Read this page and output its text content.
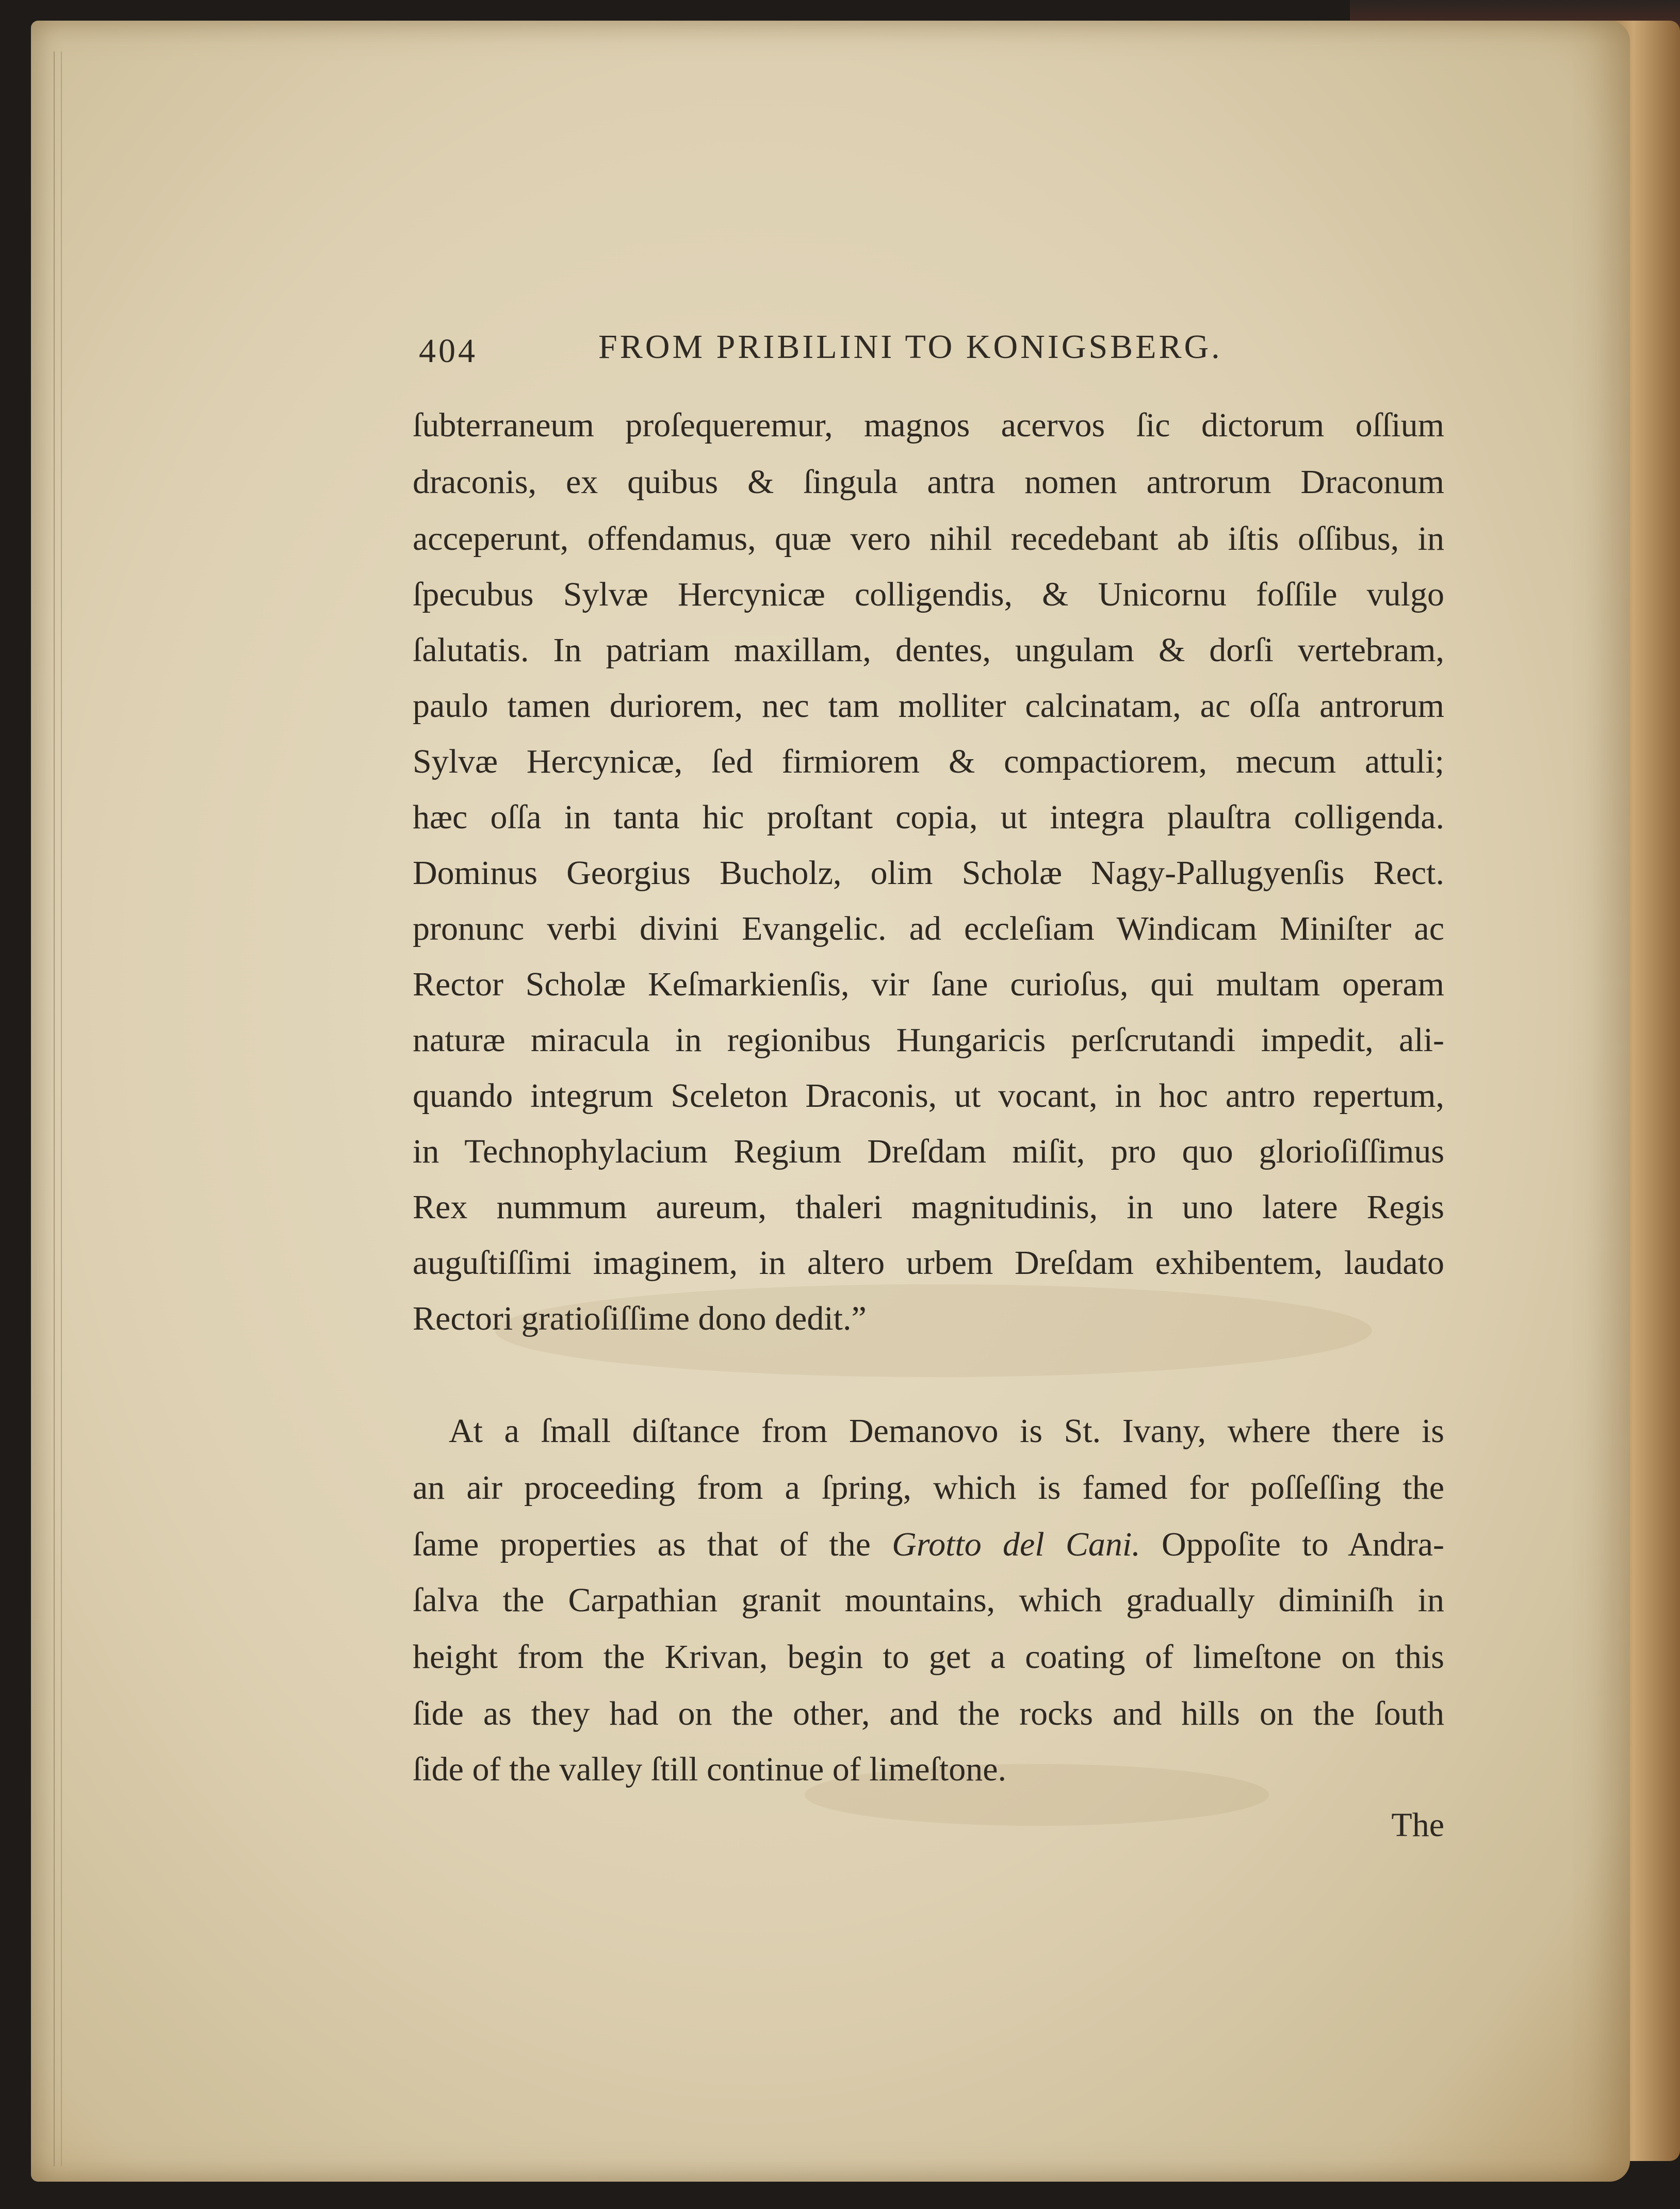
404	FROM PRIBILINI TO KONIGSBERG.
ſubterraneum proſequeremur, magnos acervos ſic dictorum oſſium
draconis, ex quibus & ſingula antra nomen antrorum Draconum
acceperunt, offendamus, quæ vero nihil recedebant ab iſtis oſſibus, in
ſpecubus Sylvæ Hercynicæ colligendis, & Unicornu foſſile vulgo
ſalutatis. In patriam maxillam, dentes, ungulam & dorſi vertebram,
paulo tamen duriorem, nec tam molliter calcinatam, ac oſſa antrorum
Sylvæ Hercynicæ, ſed firmiorem & compactiorem, mecum attuli;
hæc oſſa in tanta hic proſtant copia, ut integra plauſtra colligenda.
Dominus Georgius Bucholz, olim Scholæ Nagy-Pallugyenſis Rect.
pronunc verbi divini Evangelic. ad eccleſiam Windicam Miniſter ac
Rector Scholæ Keſmarkienſis, vir ſane curioſus, qui multam operam
naturæ miracula in regionibus Hungaricis perſcrutandi impedit, ali-
quando integrum Sceleton Draconis, ut vocant, in hoc antro repertum,
in Technophylacium Regium Dreſdam miſit, pro quo glorioſiſſimus
Rex nummum aureum, thaleri magnitudinis, in uno latere Regis
auguſtiſſimi imaginem, in altero urbem Dreſdam exhibentem, laudato
Rectori gratioſiſſime dono dedit.”
At a ſmall diſtance from Demanovo is St. Ivany, where there is
an air proceeding from a ſpring, which is famed for poſſeſſing the
ſame properties as that of the Grotto del Cani. Oppoſite to Andra-
ſalva the Carpathian granit mountains, which gradually diminiſh in
height from the Krivan, begin to get a coating of limeſtone on this
ſide as they had on the other, and the rocks and hills on the ſouth
ſide of the valley ſtill continue of limeſtone.
The
